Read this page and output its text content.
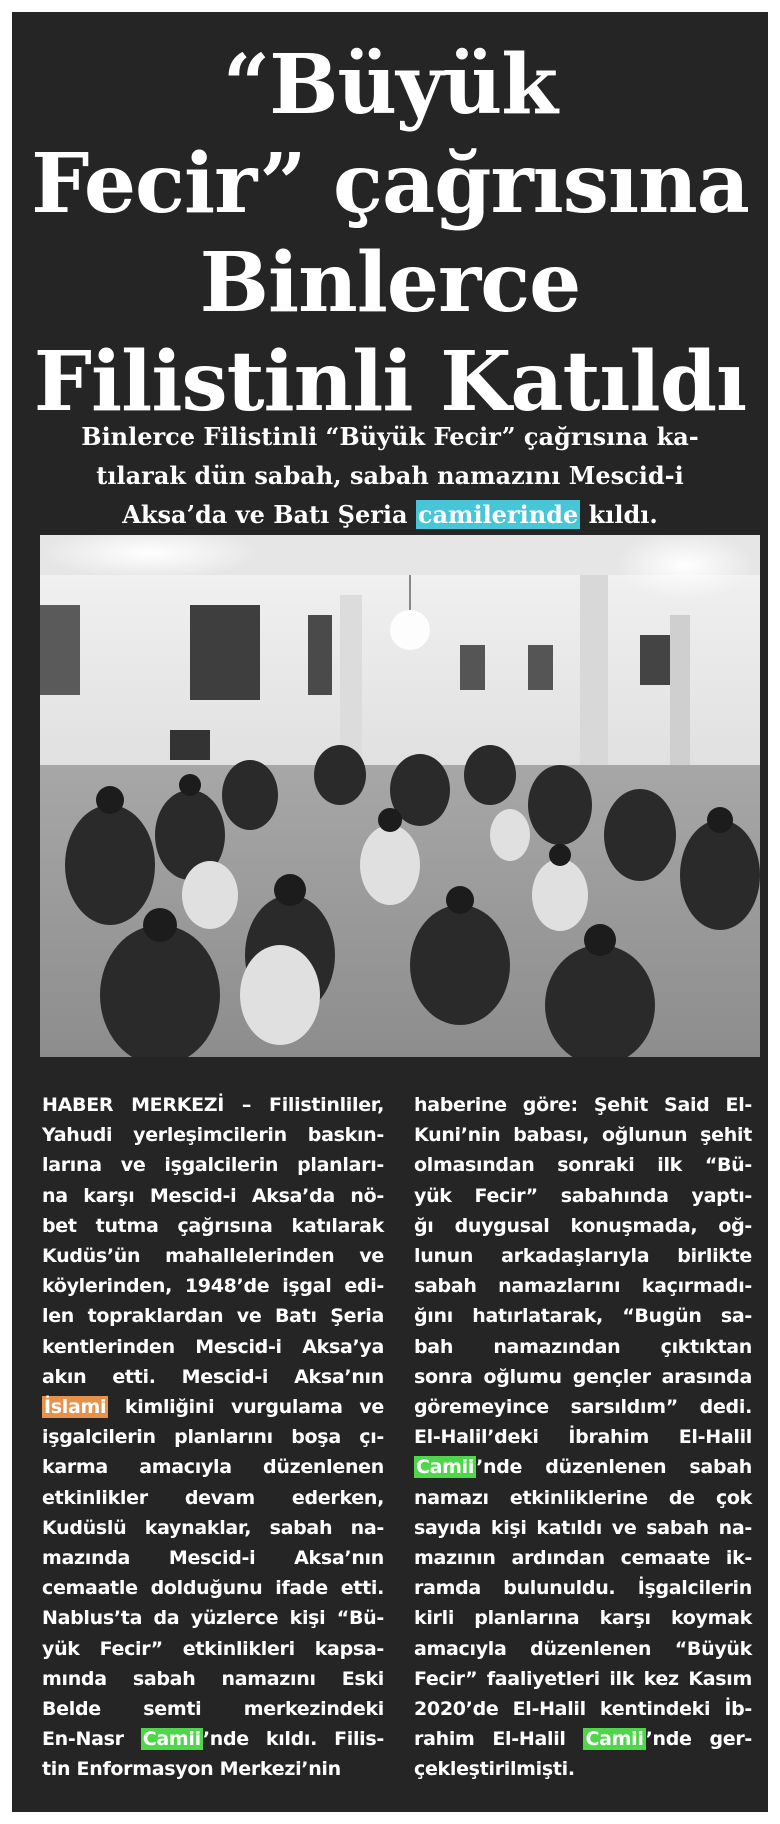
“Büyük
Fecir” çağrısına
Binlerce
Filistinli Katıldı
Binlerce Filistinli “Büyük Fecir” çağrısına ka-
tılarak dün sabah, sabah namazını Mescid-i
Aksa’da ve Batı Şeria camilerinde kıldı.
HABER MERKEZİ – Filistinliler,
Yahudi yerleşimcilerin baskın-
larına ve işgalcilerin planları-
na karşı Mescid-i Aksa’da nö-
bet tutma çağrısına katılarak
Kudüs’ün mahallelerinden ve
köylerinden, 1948’de işgal edi-
len topraklardan ve Batı Şeria
kentlerinden Mescid-i Aksa’ya
akın etti. Mescid-i Aksa’nın
İslami kimliğini vurgulama ve
işgalcilerin planlarını boşa çı-
karma amacıyla düzenlenen
etkinlikler devam ederken,
Kudüslü kaynaklar, sabah na-
mazında Mescid-i Aksa’nın
cemaatle dolduğunu ifade etti.
Nablus’ta da yüzlerce kişi “Bü-
yük Fecir” etkinlikleri kapsa-
mında sabah namazını Eski
Belde semti merkezindeki
En-Nasr Camii ’nde kıldı. Filis-
tin Enformasyon Merkezi’nin
haberine göre: Şehit Said El-
Kuni’nin babası, oğlunun şehit
olmasından sonraki ilk “Bü-
yük Fecir” sabahında yaptı-
ğı duygusal konuşmada, oğ-
lunun arkadaşlarıyla birlikte
sabah namazlarını kaçırmadı-
ğını hatırlatarak, “Bugün sa-
bah namazından çıktıktan
sonra oğlumu gençler arasında
göremeyince sarsıldım” dedi.
El-Halil’deki İbrahim El-Halil
Camii ’nde düzenlenen sabah
namazı etkinliklerine de çok
sayıda kişi katıldı ve sabah na-
mazının ardından cemaate ik-
ramda bulunuldu. İşgalcilerin
kirli planlarına karşı koymak
amacıyla düzenlenen “Büyük
Fecir” faaliyetleri ilk kez Kasım
2020’de El-Halil kentindeki İb-
rahim El-Halil Camii ’nde ger-
çekleştirilmişti.
